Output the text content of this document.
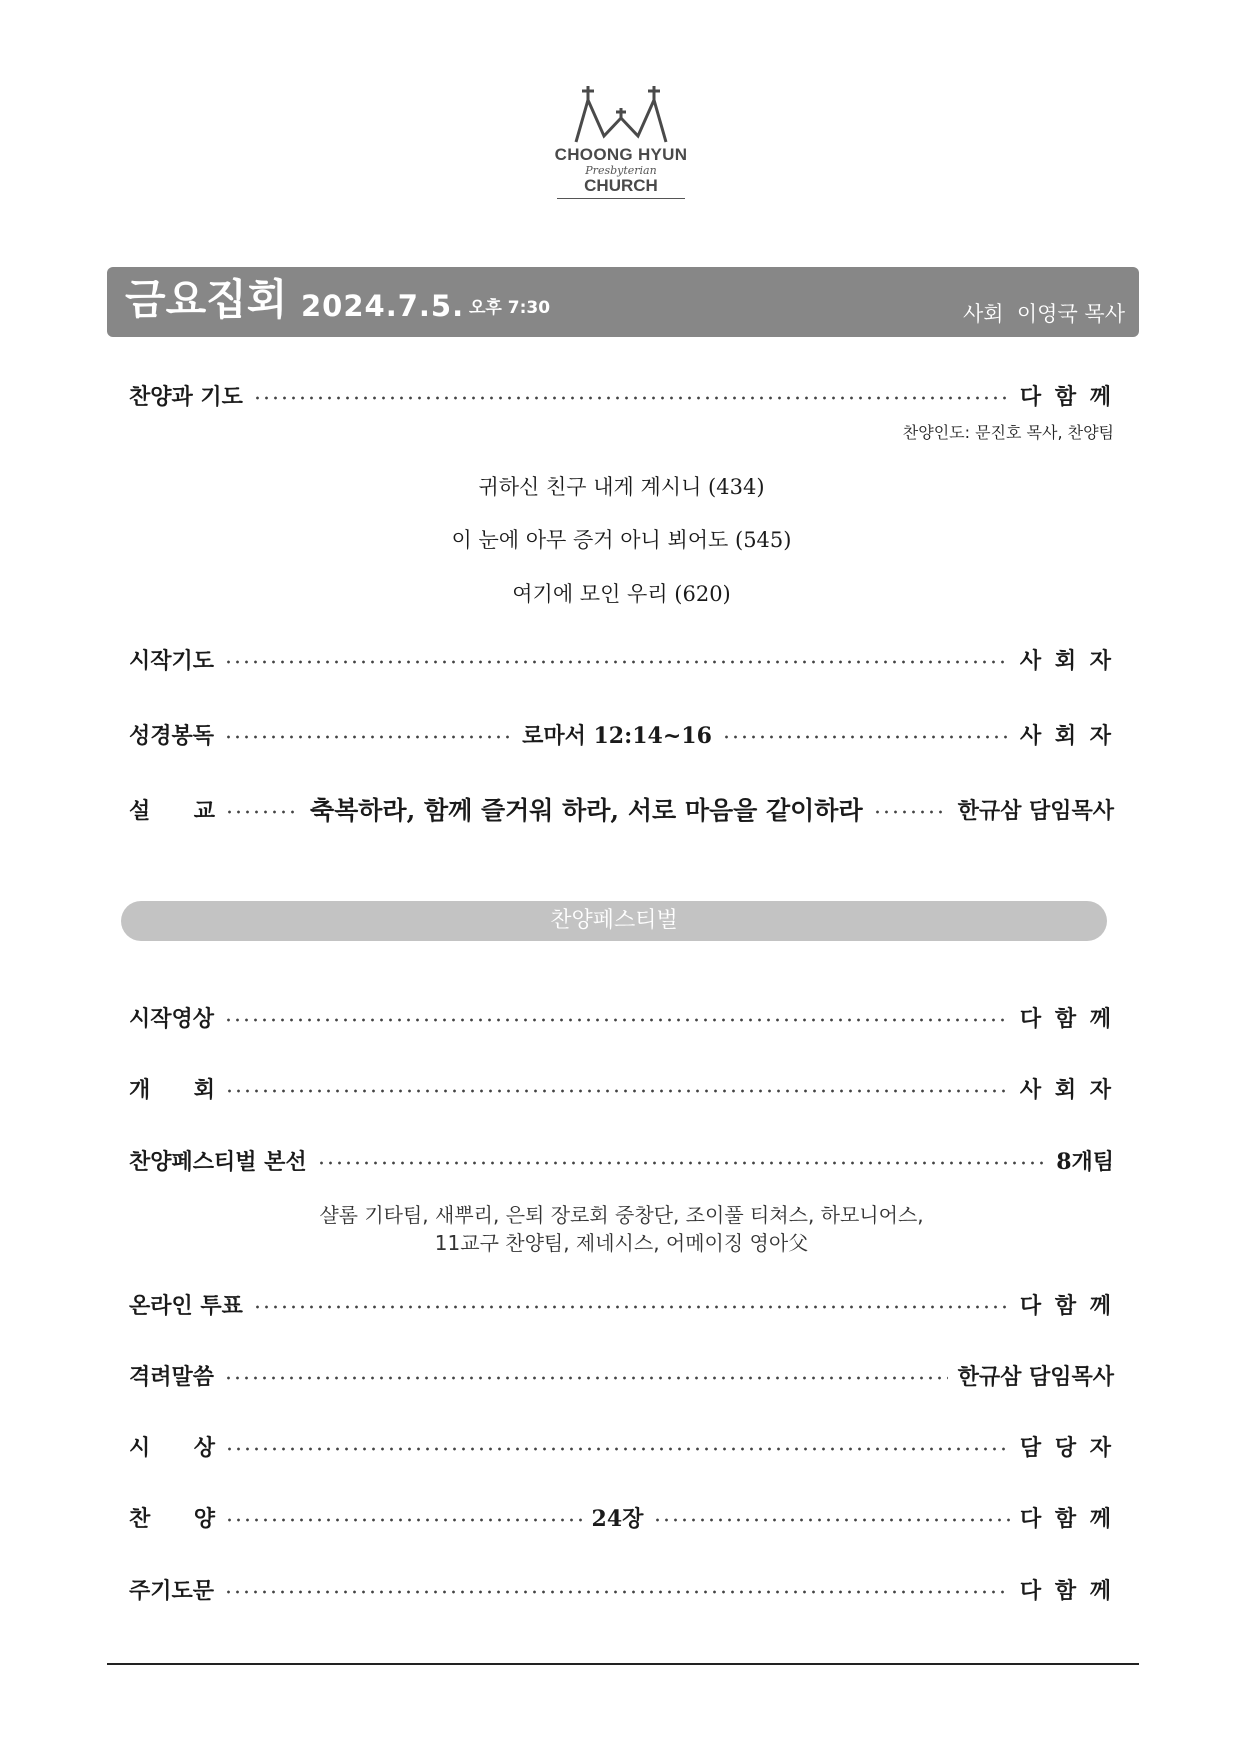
CHOONG HYUN
Presbyterian
CHURCH
금요집회 2024.7.5. 오후 7:30	사회  이영국 목사
찬양과 기도	다 함 께
찬양인도: 문진호 목사, 찬양팀
귀하신 친구 내게 계시니 (434)
이 눈에 아무 증거 아니 뵈어도 (545)
여기에 모인 우리 (620)
시작기도	사 회 자
성경봉독	로마서 12:14~16	사 회 자
설 교	축복하라, 함께 즐거워 하라, 서로 마음을 같이하라	한규삼 담임목사
찬양페스티벌
시작영상	다 함 께
개 회	사 회 자
찬양페스티벌 본선	8개팀
샬롬 기타팀, 새뿌리, 은퇴 장로회 중창단, 조이풀 티쳐스, 하모니어스,
11교구 찬양팀, 제네시스, 어메이징 영아父
온라인 투표	다 함 께
격려말씀	한규삼 담임목사
시 상	담 당 자
찬 양	24장	다 함 께
주기도문	다 함 께
